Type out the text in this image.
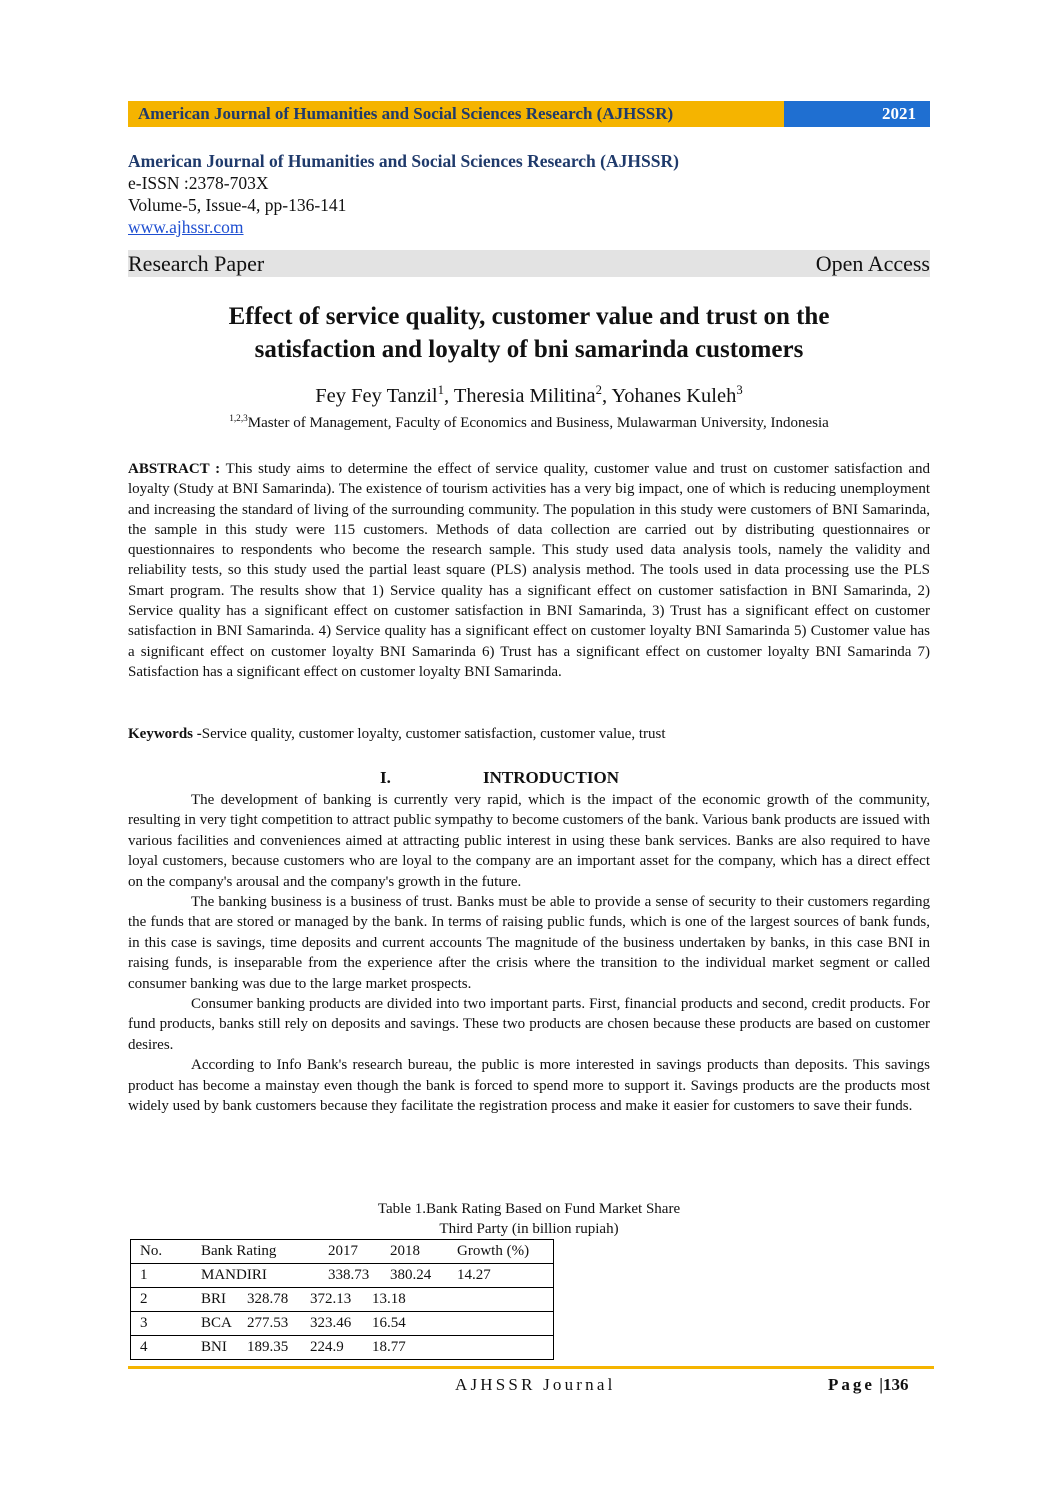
American Journal of Humanities and Social Sciences Research (AJHSSR)	2021
American Journal of Humanities and Social Sciences Research (AJHSSR)
e-ISSN :2378-703X
Volume-5, Issue-4, pp-136-141
www.ajhssr.com
Research Paper	Open Access
Effect of service quality, customer value and trust on the
satisfaction and loyalty of bni samarinda customers
Fey Fey Tanzil$^1$, Theresia Militina$^2$, Yohanes Kuleh$^3$
$^{1,2,3}$Master of Management, Faculty of Economics and Business, Mulawarman University, Indonesia
ABSTRACT : This study aims to determine the effect of service quality, customer value and trust on customer satisfaction and loyalty (Study at BNI Samarinda). The existence of tourism activities has a very big impact, one of which is reducing unemployment and increasing the standard of living of the surrounding community. The population in this study were customers of BNI Samarinda, the sample in this study were 115 customers. Methods of data collection are carried out by distributing questionnaires or questionnaires to respondents who become the research sample. This study used data analysis tools, namely the validity and reliability tests, so this study used the partial least square (PLS) analysis method. The tools used in data processing use the PLS Smart program. The results show that 1) Service quality has a significant effect on customer satisfaction in BNI Samarinda, 2) Service quality has a significant effect on customer satisfaction in BNI Samarinda, 3) Trust has a significant effect on customer satisfaction in BNI Samarinda. 4) Service quality has a significant effect on customer loyalty BNI Samarinda 5) Customer value has a significant effect on customer loyalty BNI Samarinda 6) Trust has a significant effect on customer loyalty BNI Samarinda 7) Satisfaction has a significant effect on customer loyalty BNI Samarinda.
Keywords -Service quality, customer loyalty, customer satisfaction, customer value, trust
I.	INTRODUCTION

The development of banking is currently very rapid, which is the impact of the economic growth of the community, resulting in very tight competition to attract public sympathy to become customers of the bank. Various bank products are issued with various facilities and conveniences aimed at attracting public interest in using these bank services. Banks are also required to have loyal customers, because customers who are loyal to the company are an important asset for the company, which has a direct effect on the company's arousal and the company's growth in the future.

The banking business is a business of trust. Banks must be able to provide a sense of security to their customers regarding the funds that are stored or managed by the bank. In terms of raising public funds, which is one of the largest sources of bank funds, in this case is savings, time deposits and current accounts The magnitude of the business undertaken by banks, in this case BNI in raising funds, is inseparable from the experience after the crisis where the transition to the individual market segment or called consumer banking was due to the large market prospects.

Consumer banking products are divided into two important parts. First, financial products and second, credit products. For fund products, banks still rely on deposits and savings. These two products are chosen because these products are based on customer desires.

According to Info Bank's research bureau, the public is more interested in savings products than deposits. This savings product has become a mainstay even though the bank is forced to spend more to support it. Savings products are the products most widely used by bank customers because they facilitate the registration process and make it easier for customers to save their funds.

Table 1.Bank Rating Based on Fund Market Share
Third Party (in billion rupiah)
No.	Bank Rating 2017 2018 Growth (%)

1	MANDIRI 338.73 380.24 14.27

2	BRI 328.78 372.13 13.18

3	BCA 277.53 323.46 16.54

4	BNI 189.35 224.9 18.77
AJHSSR Journal	Page |136
